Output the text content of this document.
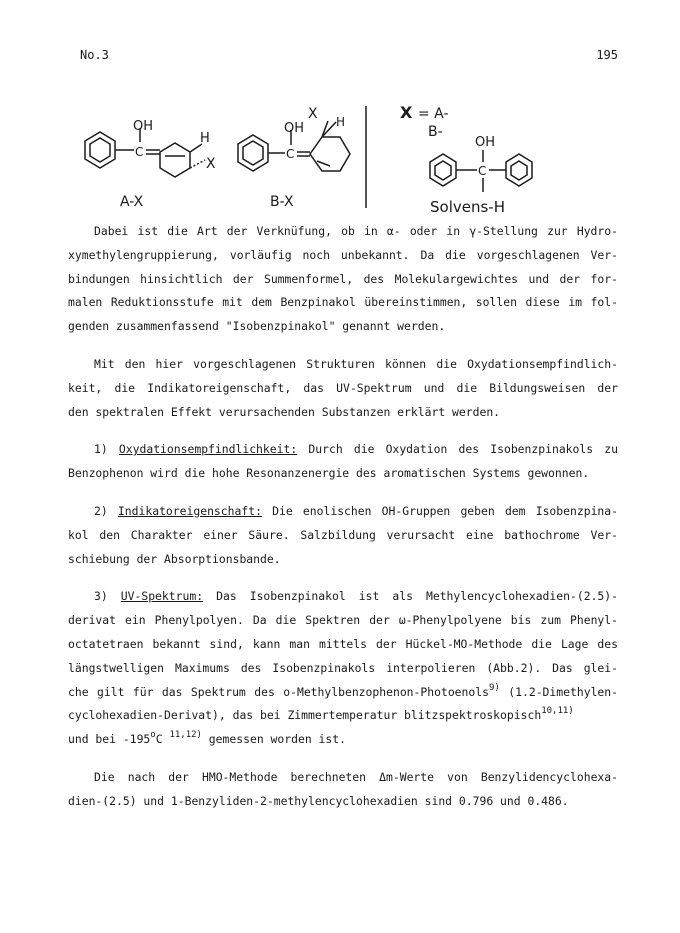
No.3	195
OH
H
C
X
A-X
OH
X H
C
B-X
X = A-
B-
OH
C
Solvens-H
Dabei ist die Art der Verknüfung, ob in α- oder in γ-Stellung zur Hydro-
xymethylengruppierung, vorläufig noch unbekannt. Da die vorgeschlagenen Ver-
bindungen hinsichtlich der Summenformel, des Molekulargewichtes und der for-
malen Reduktionsstufe mit dem Benzpinakol übereinstimmen, sollen diese im fol-
genden zusammenfassend "Isobenzpinakol" genannt werden.
Mit den hier vorgeschlagenen Strukturen können die Oxydationsempfindlich-
keit, die Indikatoreigenschaft, das UV-Spektrum und die Bildungsweisen der
den spektralen Effekt verursachenden Substanzen erklärt werden.
1) Oxydationsempfindlichkeit: Durch die Oxydation des Isobenzpinakols zu
Benzophenon wird die hohe Resonanzenergie des aromatischen Systems gewonnen.
2) Indikatoreigenschaft: Die enolischen OH-Gruppen geben dem Isobenzpina-
kol den Charakter einer Säure. Salzbildung verursacht eine bathochrome Ver-
schiebung der Absorptionsbande.
3) UV-Spektrum: Das Isobenzpinakol ist als Methylencyclohexadien-(2.5)-
derivat ein Phenylpolyen. Da die Spektren der ω-Phenylpolyene bis zum Phenyl-
octatetraen bekannt sind, kann man mittels der Hückel-MO-Methode die Lage des
längstwelligen Maximums des Isobenzpinakols interpolieren (Abb.2). Das glei-
che gilt für das Spektrum des o-Methylbenzophenon-Photoenols$^{9)}$ (1.2-Dimethylen-
cyclohexadien-Derivat), das bei Zimmertemperatur blitzspektroskopisch$^{10,11)}$
und bei -195$^o$C $^{11,12)}$ gemessen worden ist.
Die nach der HMO-Methode berechneten Δm-Werte von Benzylidencyclohexa-
dien-(2.5) und 1-Benzyliden-2-methylencyclohexadien sind 0.796 und 0.486.
